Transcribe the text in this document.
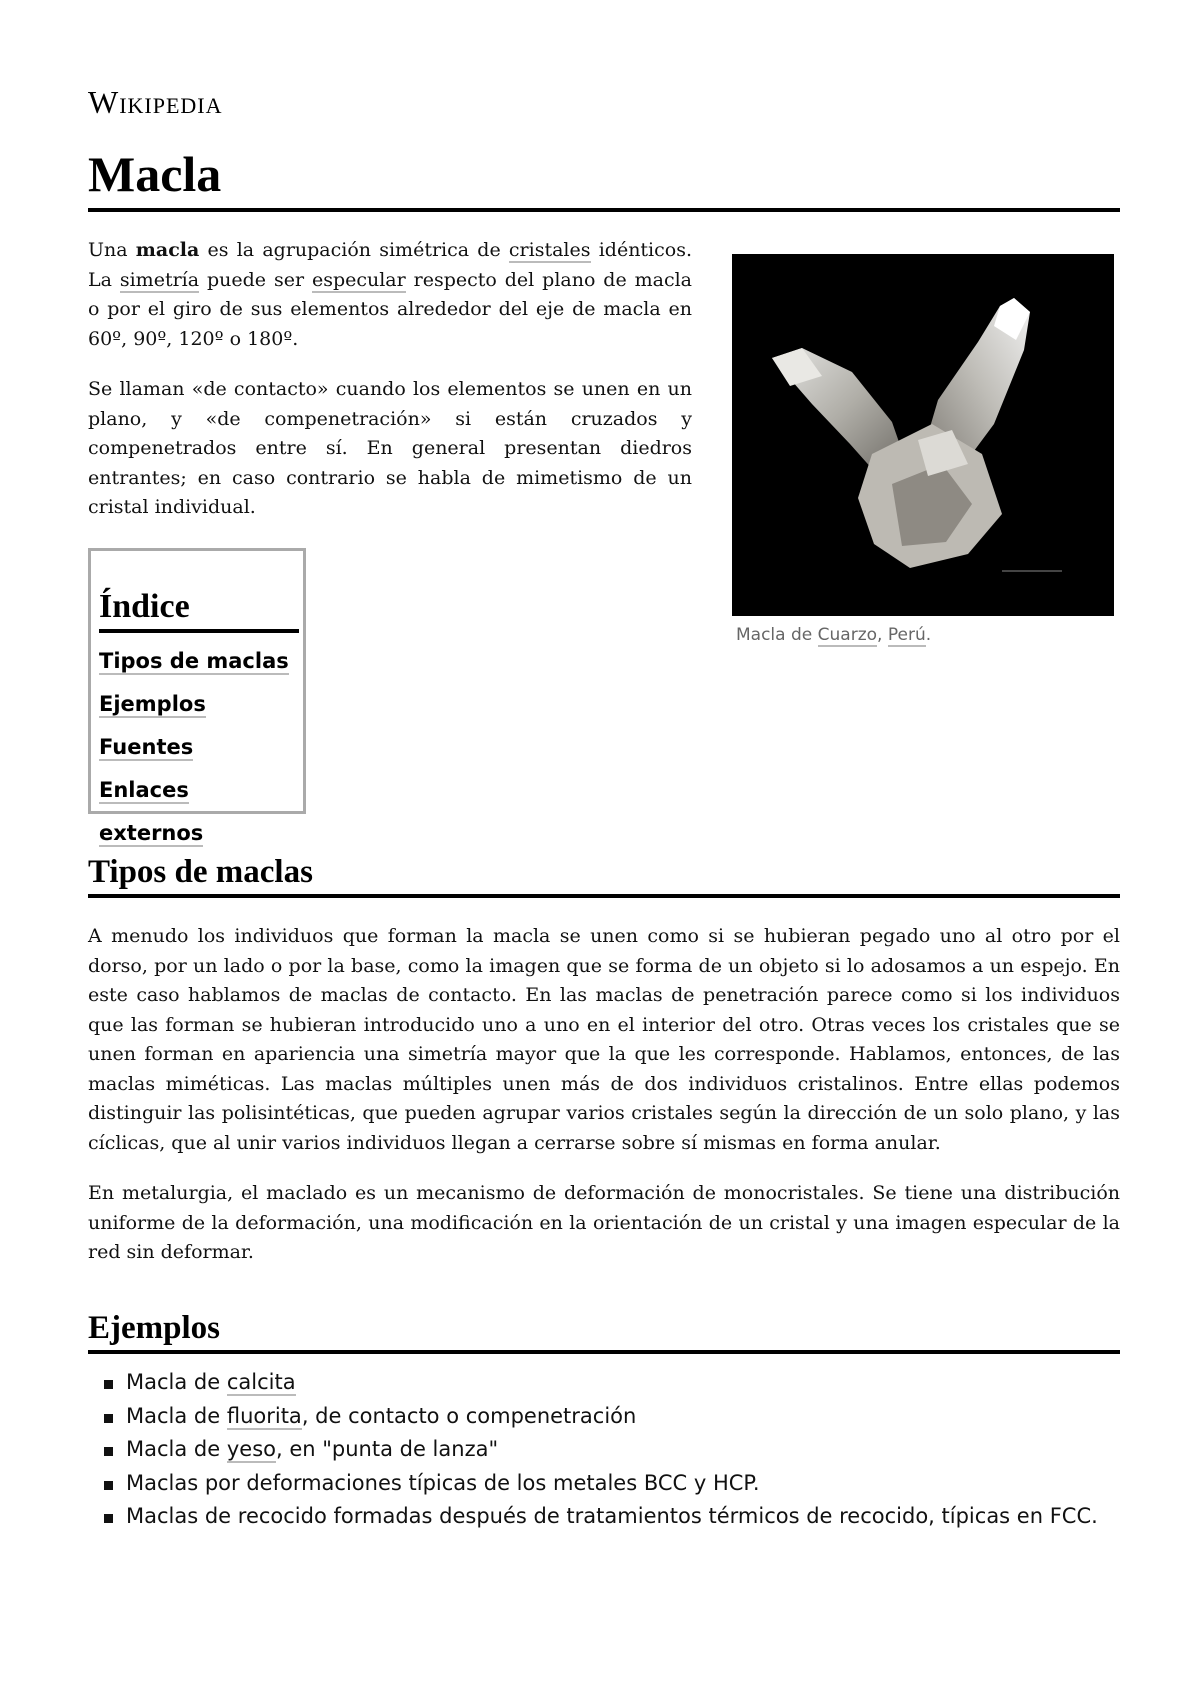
Wikipedia
Macla

Una macla es la agrupación simétrica de cristales idénticos. La simetría puede ser especular respecto del plano de macla o por el giro de sus elementos alrededor del eje de macla en 60º, 90º, 120º o 180º.

Se llaman «de contacto» cuando los elementos se unen en un plano, y «de compenetración» si están cruzados y compenetrados entre sí. En general presentan diedros entrantes; en caso contrario se habla de mimetismo de un cristal individual.

Macla de Cuarzo, Perú.
Índice
Tipos de maclas
Ejemplos
Fuentes
Enlaces externos
Tipos de maclas

A menudo los individuos que forman la macla se unen como si se hubieran pegado uno al otro por el dorso, por un lado o por la base, como la imagen que se forma de un objeto si lo adosamos a un espejo. En este caso hablamos de maclas de contacto. En las maclas de penetración parece como si los individuos que las forman se hubieran introducido uno a uno en el interior del otro. Otras veces los cristales que se unen forman en apariencia una simetría mayor que la que les corresponde. Hablamos, entonces, de las maclas miméticas. Las maclas múltiples unen más de dos individuos cristalinos. Entre ellas podemos distinguir las polisintéticas, que pueden agrupar varios cristales según la dirección de un solo plano, y las cíclicas, que al unir varios individuos llegan a cerrarse sobre sí mismas en forma anular.

En metalurgia, el maclado es un mecanismo de deformación de monocristales. Se tiene una distribución uniforme de la deformación, una modificación en la orientación de un cristal y una imagen especular de la red sin deformar.

Ejemplos
Macla de calcita
Macla de fluorita, de contacto o compenetración
Macla de yeso, en "punta de lanza"
Maclas por deformaciones típicas de los metales BCC y HCP.
Maclas de recocido formadas después de tratamientos térmicos de recocido, típicas en FCC.
